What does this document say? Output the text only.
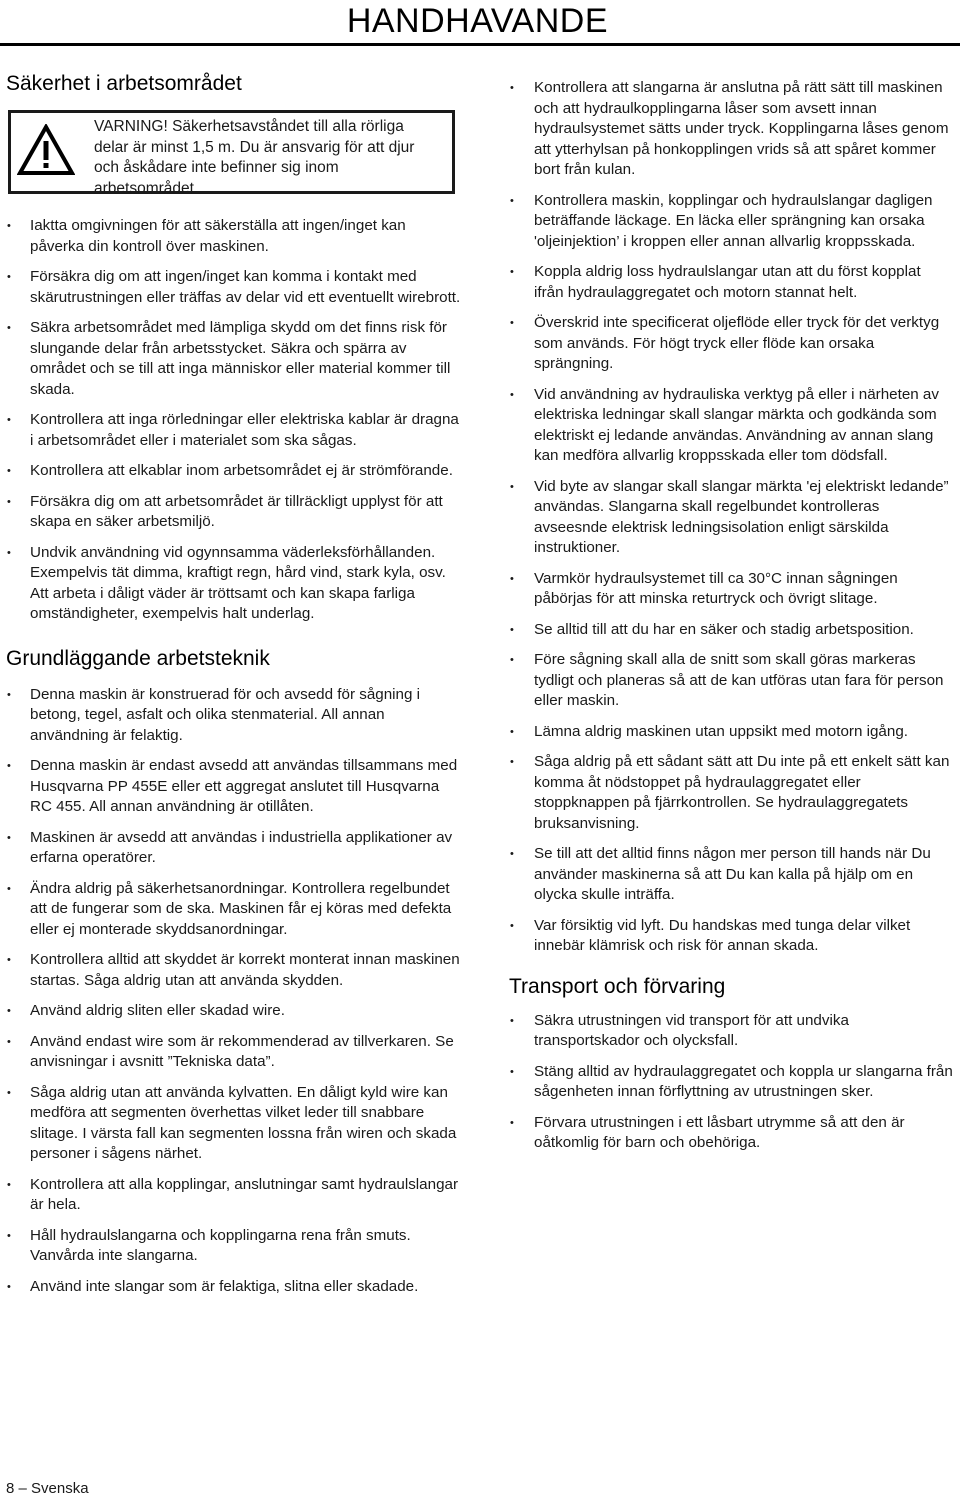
HANDHAVANDE
Säkerhet i arbetsområdet
VARNING! Säkerhetsavståndet till alla rörliga delar är minst 1,5 m. Du är ansvarig för att djur och åskådare inte befinner sig inom arbetsområdet.
• Iaktta omgivningen för att säkerställa att ingen/inget kan påverka din kontroll över maskinen.
• Försäkra dig om att ingen/inget kan komma i kontakt med skärutrustningen eller träffas av delar vid ett eventuellt wirebrott.
• Säkra arbetsområdet med lämpliga skydd om det finns risk för slungande delar från arbetsstycket. Säkra och spärra av området och se till att inga människor eller material kommer till skada.
• Kontrollera att inga rörledningar eller elektriska kablar är dragna i arbetsområdet eller i materialet som ska sågas.
• Kontrollera att elkablar inom arbetsområdet ej är strömförande.
• Försäkra dig om att arbetsområdet är tillräckligt upplyst för att skapa en säker arbetsmiljö.
• Undvik användning vid ogynnsamma väderleksförhållanden. Exempelvis tät dimma, kraftigt regn, hård vind, stark kyla, osv. Att arbeta i dåligt väder är tröttsamt och kan skapa farliga omständigheter, exempelvis halt underlag.
Grundläggande arbetsteknik
• Denna maskin är konstruerad för och avsedd för sågning i betong, tegel, asfalt och olika stenmaterial. All annan användning är felaktig.
• Denna maskin är endast avsedd att användas tillsammans med Husqvarna PP 455E eller ett aggregat anslutet till Husqvarna RC 455. All annan användning är otillåten.
• Maskinen är avsedd att användas i industriella applikationer av erfarna operatörer.
• Ändra aldrig på säkerhetsanordningar. Kontrollera regelbundet att de fungerar som de ska. Maskinen får ej köras med defekta eller ej monterade skyddsanordningar.
• Kontrollera alltid att skyddet är korrekt monterat innan maskinen startas. Såga aldrig utan att använda skydden.
• Använd aldrig sliten eller skadad wire.
• Använd endast wire som är rekommenderad av tillverkaren. Se anvisningar i avsnitt ”Tekniska data”.
• Såga aldrig utan att använda kylvatten. En dåligt kyld wire kan medföra att segmenten överhettas vilket leder till snabbare slitage. I värsta fall kan segmenten lossna från wiren och skada personer i sågens närhet.
• Kontrollera att alla kopplingar, anslutningar samt hydraulslangar är hela.
• Håll hydraulslangarna och kopplingarna rena från smuts. Vanvårda inte slangarna.
• Använd inte slangar som är felaktiga, slitna eller skadade.
• Kontrollera att slangarna är anslutna på rätt sätt till maskinen och att hydraulkopplingarna låser som avsett innan hydraulsystemet sätts under tryck. Kopplingarna låses genom att ytterhylsan på honkopplingen vrids så att spåret kommer bort från kulan.
• Kontrollera maskin, kopplingar och hydraulslangar dagligen beträffande läckage. En läcka eller sprängning kan orsaka 'oljeinjektion’ i kroppen eller annan allvarlig kroppsskada.
• Koppla aldrig loss hydraulslangar utan att du först kopplat ifrån hydraulaggregatet och motorn stannat helt.
• Överskrid inte specificerat oljeflöde eller tryck för det verktyg som används. För högt tryck eller flöde kan orsaka sprängning.
• Vid användning av hydrauliska verktyg på eller i närheten av elektriska ledningar skall slangar märkta och godkända som elektriskt ej ledande användas. Användning av annan slang kan medföra allvarlig kroppsskada eller tom dödsfall.
• Vid byte av slangar skall slangar märkta 'ej elektriskt ledande” användas. Slangarna skall regelbundet kontrolleras avseesnde elektrisk ledningsisolation enligt särskilda instruktioner.
• Varmkör hydraulsystemet till ca 30°C innan sågningen påbörjas för att minska returtryck och övrigt slitage.
• Se alltid till att du har en säker och stadig arbetsposition.
• Före sågning skall alla de snitt som skall göras markeras tydligt och planeras så att de kan utföras utan fara för person eller maskin.
• Lämna aldrig maskinen utan uppsikt med motorn igång.
• Såga aldrig på ett sådant sätt att Du inte på ett enkelt sätt kan komma åt nödstoppet på hydraulaggregatet eller stoppknappen på fjärrkontrollen. Se hydraulaggregatets bruksanvisning.
• Se till att det alltid finns någon mer person till hands när Du använder maskinerna så att Du kan kalla på hjälp om en olycka skulle inträffa.
• Var försiktig vid lyft. Du handskas med tunga delar vilket innebär klämrisk och risk för annan skada.
Transport och förvaring
• Säkra utrustningen vid transport för att undvika transportskador och olycksfall.
• Stäng alltid av hydraulaggregatet och koppla ur slangarna från sågenheten innan förflyttning av utrustningen sker.
• Förvara utrustningen i ett låsbart utrymme så att den är oåtkomlig för barn och obehöriga.
8 – Svenska
